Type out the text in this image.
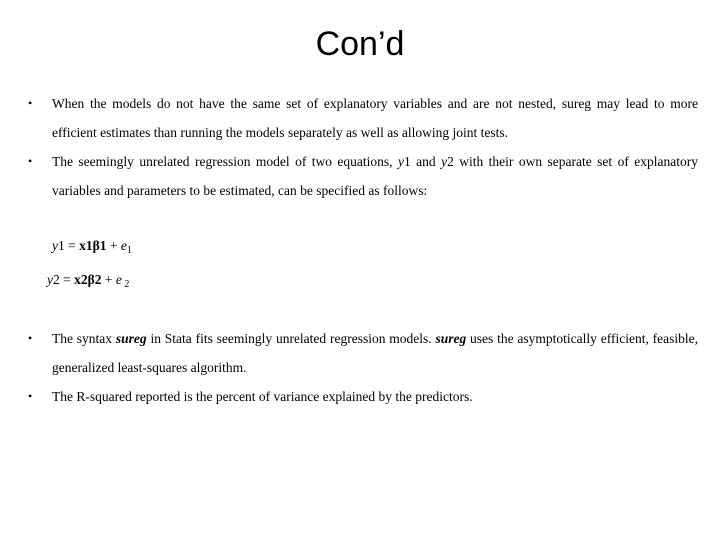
Con’d
• When the models do not have the same set of explanatory variables and are not nested, sureg may lead to more efficient estimates than running the models separately as well as allowing joint tests.
• The seemingly unrelated regression model of two equations, y1 and y2 with their own separate set of explanatory variables and parameters to be estimated, can be specified as follows:
$y1 = x1\beta 1 + e_1$
y2 = x2β2 + e $_2$
• The syntax sureg in Stata fits seemingly unrelated regression models. sureg uses the asymptotically efficient, feasible, generalized least-squares algorithm.
• The R-squared reported is the percent of variance explained by the predictors.
